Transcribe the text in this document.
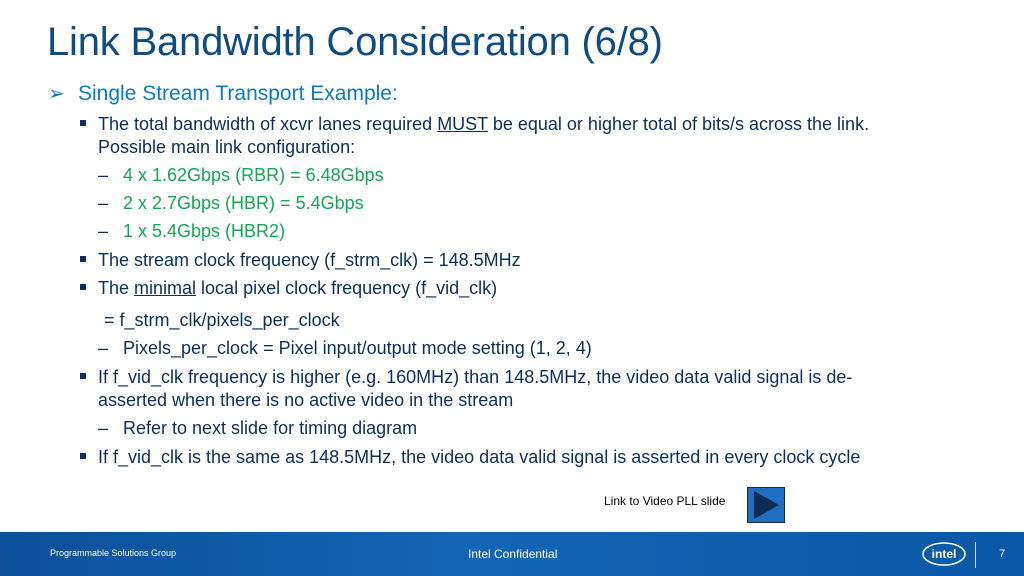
Link Bandwidth Consideration (6/8)
➢ Single Stream Transport Example:
The total bandwidth of xcvr lanes required MUST be equal or higher total of bits/s across the link.
Possible main link configuration:
– 4 x 1.62Gbps (RBR) = 6.48Gbps
– 2 x 2.7Gbps (HBR) = 5.4Gbps
– 1 x 5.4Gbps (HBR2)
The stream clock frequency (f_strm_clk) = 148.5MHz
The minimal local pixel clock frequency (f_vid_clk)
= f_strm_clk/pixels_per_clock
– Pixels_per_clock = Pixel input/output mode setting (1, 2, 4)
If f_vid_clk frequency is higher (e.g. 160MHz) than 148.5MHz, the video data valid signal is de-
asserted when there is no active video in the stream
– Refer to next slide for timing diagram
If f_vid_clk is the same as 148.5MHz, the video data valid signal is asserted in every clock cycle
Link to Video PLL slide
Programmable Solutions Group	Intel Confidential	intel	7
